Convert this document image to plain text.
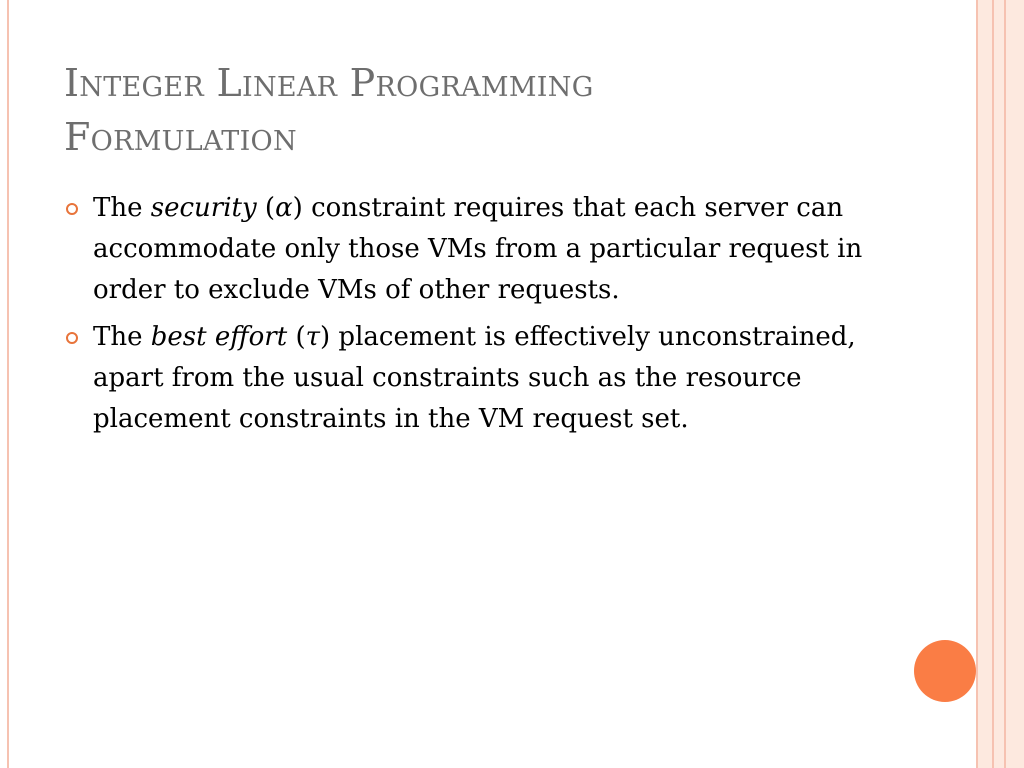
Integer Linear Programming
Formulation
The security (α) constraint requires that each server can accommodate only those VMs from a particular request in order to exclude VMs of other requests.
The best effort (τ) placement is effectively unconstrained, apart from the usual constraints such as the resource placement constraints in the VM request set.
